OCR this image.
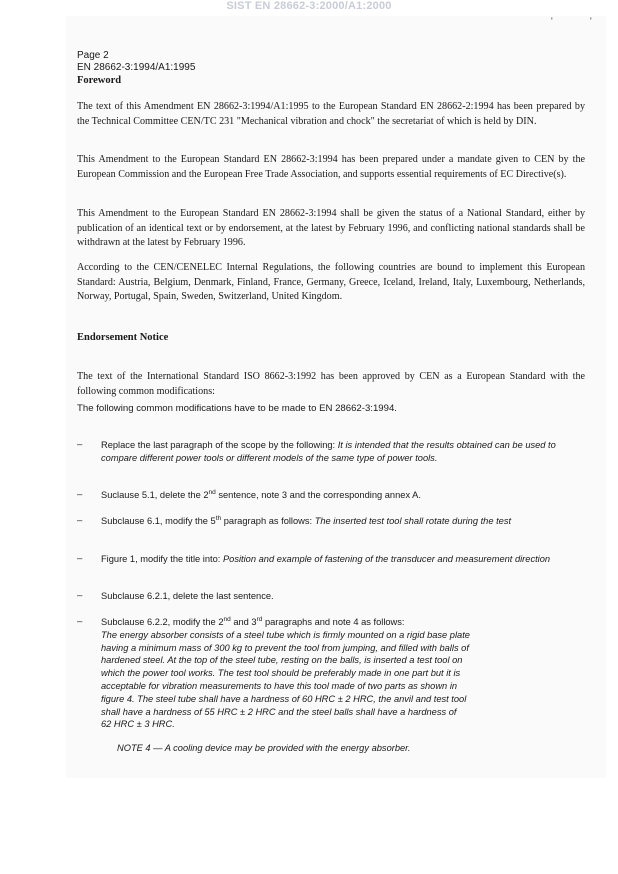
SIST EN 28662-3:2000/A1:2000
'	'
Page 2
EN 28662-3:1994/A1:1995
Foreword

The text of this Amendment EN 28662-3:1994/A1:1995 to the European Standard EN 28662-2:1994 has been prepared by the Technical Committee CEN/TC 231 "Mechanical vibration and chock" the secretariat of which is held by DIN.

This Amendment to the European Standard EN 28662-3:1994 has been prepared under a mandate given to CEN by the European Commission and the European Free Trade Association, and supports essential requirements of EC Directive(s).

This Amendment to the European Standard EN 28662-3:1994 shall be given the status of a National Standard, either by publication of an identical text or by endorsement, at the latest by February 1996, and conflicting national standards shall be withdrawn at the latest by February 1996.

According to the CEN/CENELEC Internal Regulations, the following countries are bound to implement this European Standard: Austria, Belgium, Denmark, Finland, France, Germany, Greece, Iceland, Ireland, Italy, Luxembourg, Netherlands, Norway, Portugal, Spain, Sweden, Switzerland, United Kingdom.

Endorsement Notice

The text of the International Standard ISO 8662-3:1992 has been approved by CEN as a European Standard with the following common modifications:

The following common modifications have to be made to EN 28662-3:1994.
– Replace the last paragraph of the scope by the following: It is intended that the results obtained can be used to compare different power tools or different models of the same type of power tools.
– Suclause 5.1, delete the 2nd sentence, note 3 and the corresponding annex A.
– Subclause 6.1, modify the 5th paragraph as follows: The inserted test tool shall rotate during the test
– Figure 1, modify the title into: Position and example of fastening of the transducer and measurement direction
– Subclause 6.2.1, delete the last sentence.
– Subclause 6.2.2, modify the 2nd and 3rd paragraphs and note 4 as follows:
The energy absorber consists of a steel tube which is firmly mounted on a rigid base plate
having a minimum mass of 300 kg to prevent the tool from jumping, and filled with balls of
hardened steel. At the top of the steel tube, resting on the balls, is inserted a test tool on
which the power tool works. The test tool should be preferably made in one part but it is
acceptable for vibration measurements to have this tool made of two parts as shown in
figure 4. The steel tube shall have a hardness of 60 HRC ± 2 HRC, the anvil and test tool
shall have a hardness of 55 HRC ± 2 HRC and the steel balls shall have a hardness of
62 HRC ± 3 HRC.
NOTE 4 — A cooling device may be provided with the energy absorber.
